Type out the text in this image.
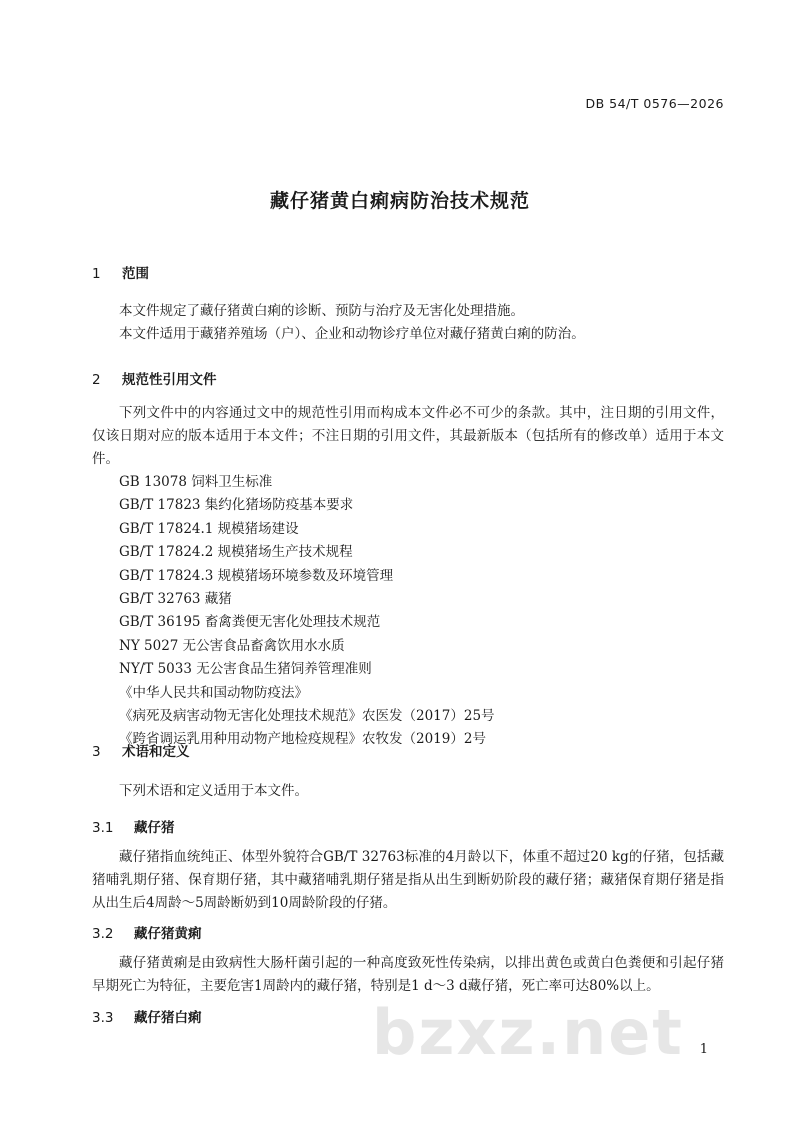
DB 54/T 0576—2026
藏仔猪黄白痢病防治技术规范
1	范围

本文件规定了藏仔猪黄白痢的诊断、预防与治疗及无害化处理措施。

本文件适用于藏猪养殖场（户）、企业和动物诊疗单位对藏仔猪黄白痢的防治。

2	规范性引用文件

下列文件中的内容通过文中的规范性引用而构成本文件必不可少的条款。其中，注日期的引用文件，仅该日期对应的版本适用于本文件；不注日期的引用文件，其最新版本（包括所有的修改单）适用于本文件。

GB 13078 饲料卫生标准

GB/T 17823 集约化猪场防疫基本要求

GB/T 17824.1 规模猪场建设

GB/T 17824.2 规模猪场生产技术规程

GB/T 17824.3 规模猪场环境参数及环境管理

GB/T 32763 藏猪

GB/T 36195 畜禽粪便无害化处理技术规范

NY 5027 无公害食品畜禽饮用水水质

NY/T 5033 无公害食品生猪饲养管理准则

《中华人民共和国动物防疫法》

《病死及病害动物无害化处理技术规范》农医发（2017）25号

《跨省调运乳用种用动物产地检疫规程》农牧发（2019）2号

3	术语和定义

下列术语和定义适用于本文件。

3.1	藏仔猪

藏仔猪指血统纯正、体型外貌符合GB/T 32763标准的4月龄以下，体重不超过20 kg的仔猪，包括藏猪哺乳期仔猪、保育期仔猪，其中藏猪哺乳期仔猪是指从出生到断奶阶段的藏仔猪；藏猪保育期仔猪是指从出生后4周龄～5周龄断奶到10周龄阶段的仔猪。

3.2	藏仔猪黄痢

藏仔猪黄痢是由致病性大肠杆菌引起的一种高度致死性传染病，以排出黄色或黄白色粪便和引起仔猪早期死亡为特征，主要危害1周龄内的藏仔猪，特别是1 d～3 d藏仔猪，死亡率可达80%以上。

3.3	藏仔猪白痢	bzxz.net 1
